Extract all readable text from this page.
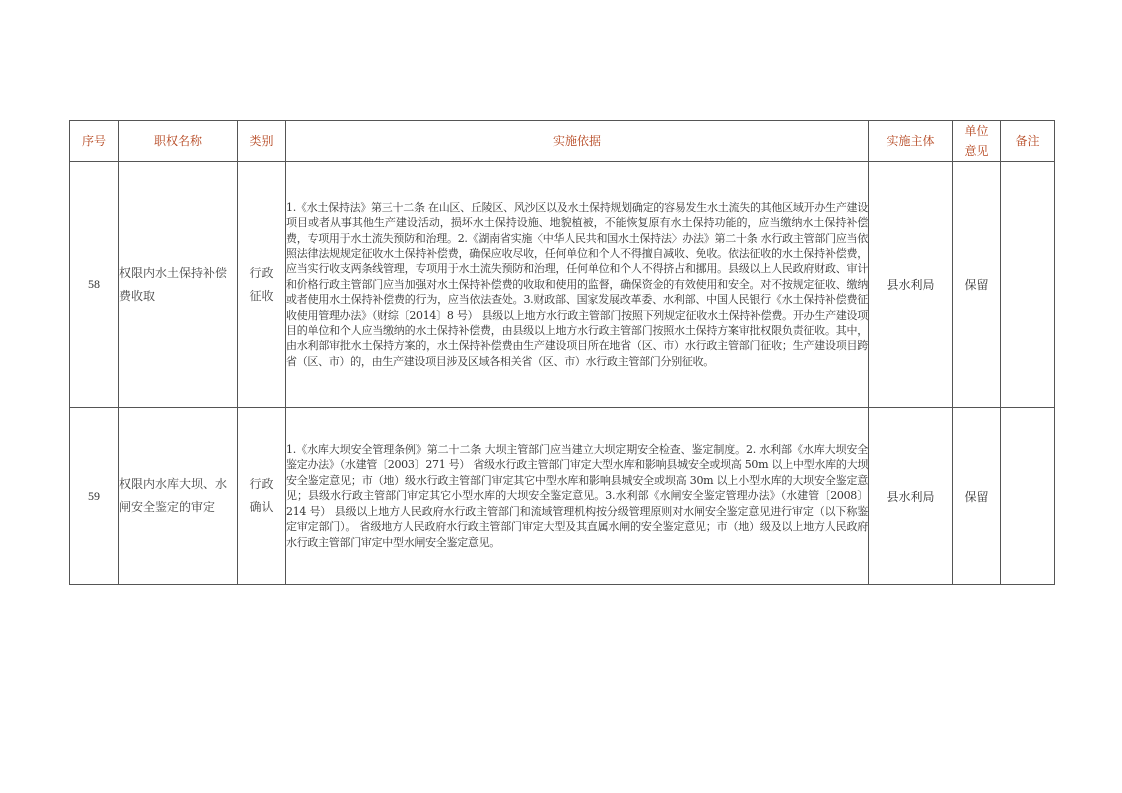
序号	职权名称	类别	实施依据	实施主体	单位意见	备注
58	权限内水土保持补偿费收取	行政征收	1.《水土保持法》第三十二条 在山区、丘陵区、风沙区以及水土保持规划确定的容易发生水土流失的其他区域开办生产建设项目或者从事其他生产建设活动，损坏水土保持设施、地貌植被，不能恢复原有水土保持功能的，应当缴纳水土保持补偿费，专项用于水土流失预防和治理。2.《湖南省实施〈中华人民共和国水土保持法〉办法》第二十条 水行政主管部门应当依照法律法规规定征收水土保持补偿费，确保应收尽收，任何单位和个人不得擅自减收、免收。依法征收的水土保持补偿费，应当实行收支两条线管理，专项用于水土流失预防和治理，任何单位和个人不得挤占和挪用。县级以上人民政府财政、审计和价格行政主管部门应当加强对水土保持补偿费的收取和使用的监督，确保资金的有效使用和安全。对不按规定征收、缴纳或者使用水土保持补偿费的行为，应当依法查处。3.财政部、国家发展改革委、水利部、中国人民银行《水土保持补偿费征收使用管理办法》（财综〔2014〕8 号） 县级以上地方水行政主管部门按照下列规定征收水土保持补偿费。开办生产建设项目的单位和个人应当缴纳的水土保持补偿费，由县级以上地方水行政主管部门按照水土保持方案审批权限负责征收。其中，由水利部审批水土保持方案的，水土保持补偿费由生产建设项目所在地省（区、市）水行政主管部门征收；生产建设项目跨省（区、市）的，由生产建设项目涉及区域各相关省（区、市）水行政主管部门分别征收。	县水利局	保留	
59	权限内水库大坝、水闸安全鉴定的审定	行政确认	1.《水库大坝安全管理条例》第二十二条 大坝主管部门应当建立大坝定期安全检查、鉴定制度。2. 水利部《水库大坝安全鉴定办法》（水建管〔2003〕271 号） 省级水行政主管部门审定大型水库和影响县城安全或坝高 50m 以上中型水库的大坝安全鉴定意见；市（地）级水行政主管部门审定其它中型水库和影响县城安全或坝高 30m 以上小型水库的大坝安全鉴定意见；县级水行政主管部门审定其它小型水库的大坝安全鉴定意见。3.水利部《水闸安全鉴定管理办法》（水建管〔2008〕214 号） 县级以上地方人民政府水行政主管部门和流域管理机构按分级管理原则对水闸安全鉴定意见进行审定（以下称鉴定审定部门）。 省级地方人民政府水行政主管部门审定大型及其直属水闸的安全鉴定意见；市（地）级及以上地方人民政府水行政主管部门审定中型水闸安全鉴定意见。	县水利局	保留	
